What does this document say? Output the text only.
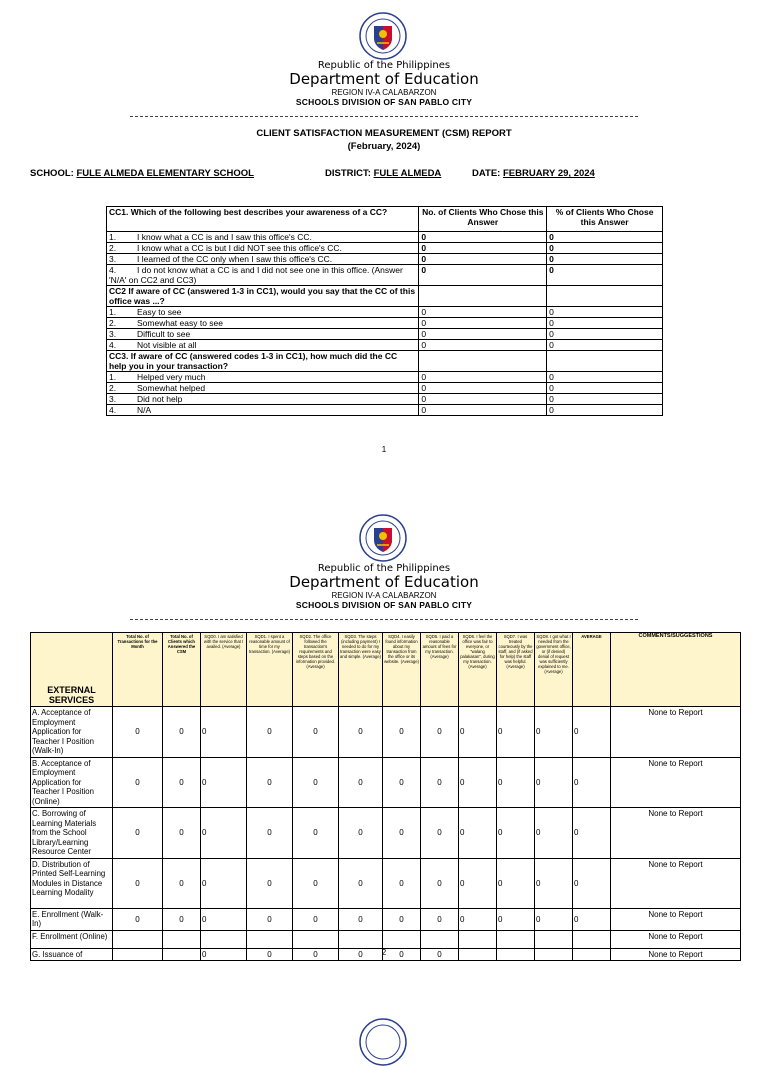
Republic of the Philippines
Department of Education
REGION IV-A CALABARZON
SCHOOLS DIVISION OF SAN PABLO CITY
CLIENT SATISFACTION MEASUREMENT (CSM) REPORT
(February, 2024)
SCHOOL: FULE ALMEDA ELEMENTARY SCHOOL	DISTRICT: FULE ALMEDA	DATE: FEBRUARY 29, 2024
CC1. Which of the following best describes your awareness of a CC?	No. of Clients Who Chose this Answer	% of Clients Who Chose this Answer
1. I know what a CC is and I saw this office's CC.	0	0
2. I know what a CC is but I did NOT see this office's CC.	0	0
3. I learned of the CC only when I saw this office's CC.	0	0
4. I do not know what a CC is and I did not see one in this office. (Answer 'N/A' on CC2 and CC3)	0	0
CC2 If aware of CC (answered 1-3 in CC1), would you say that the CC of this office was ...?		
1. Easy to see	0	0
2. Somewhat easy to see	0	0
3. Difficult to see	0	0
4. Not visible at all	0	0
CC3. If aware of CC (answered codes 1-3 in CC1), how much did the CC help you in your transaction?		
1. Helped very much	0	0
2. Somewhat helped	0	0
3. Did not help	0	0
4. N/A	0	0
1
Republic of the Philippines
Department of Education
REGION IV-A CALABARZON
SCHOOLS DIVISION OF SAN PABLO CITY
EXTERNAL SERVICES	Total No. of Transactions for the Month	Total No. of Clients which Answered the CSM	SQD0. I am satisfied with the service that I availed. (Average)	SQD1. I spent a reasonable amount of time for my transaction. (Average)	SQD2. The office followed the transaction's requirements and steps based on the information provided. (Average)	SQD3. The steps (including payment) I needed to do for my transaction were easy and simple. (Average)	SQD4. I easily found information about my transaction from the office or its website. (Average)	SQD5. I paid a reasonable amount of fees for my transaction. (Average)	SQD6. I feel the office was fair to everyone, or "walang palakasan", during my transaction. (Average)	SQD7. I was treated courteously by the staff, and (if asked for help) the staff was helpful. (Average)	SQD8. I got what I needed from the government office, or (if denied) denial of request was sufficiently explained to me. (Average)	AVERAGE	COMMENTS/SUGGESTIONS
A. Acceptance of Employment Application for Teacher I Position (Walk-In)	0	0	0	0	0	0	0	0	0	0	0	0	None to Report
B. Acceptance of Employment Application for Teacher I Position (Online)	0	0	0	0	0	0	0	0	0	0	0	0	None to Report
C. Borrowing of Learning Materials from the School Library/Learning Resource Center	0	0	0	0	0	0	0	0	0	0	0	0	None to Report
D. Distribution of Printed Self-Learning Modules in Distance Learning Modality	0	0	0	0	0	0	0	0	0	0	0	0	None to Report
E. Enrollment (Walk-In)	0	0	0	0	0	0	0	0	0	0	0	0	None to Report
F. Enrollment (Online)													None to Report
G. Issuance of			0	0	0	0	0	0					None to Report
2
